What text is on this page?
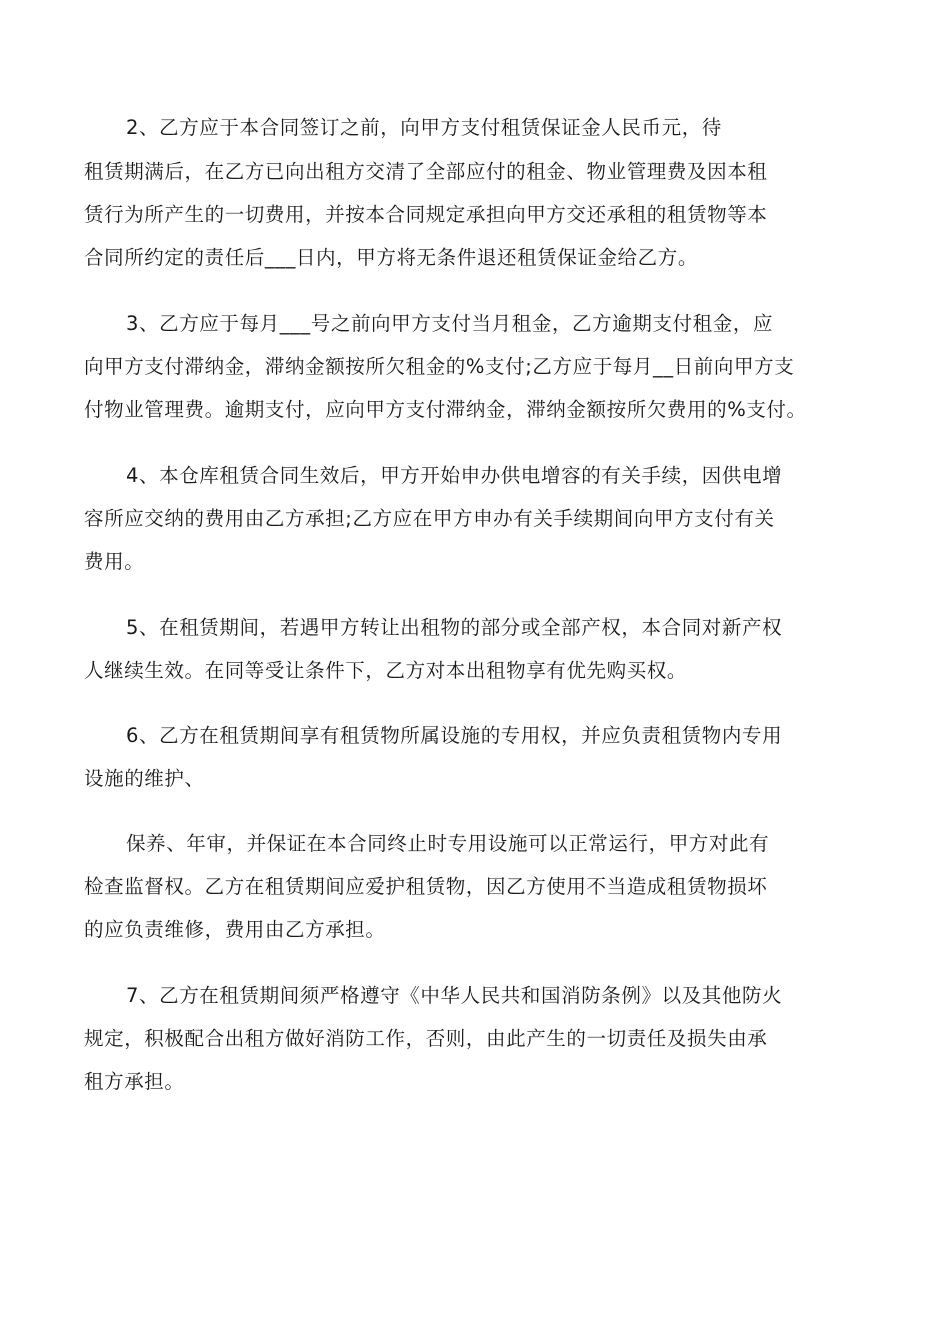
2、乙方应于本合同签订之前，向甲方支付租赁保证金人民币元，待
租赁期满后，在乙方已向出租方交清了全部应付的租金、物业管理费及因本租
赁行为所产生的一切费用，并按本合同规定承担向甲方交还承租的租赁物等本
合同所约定的责任后___日内，甲方将无条件退还租赁保证金给乙方。
3、乙方应于每月___号之前向甲方支付当月租金，乙方逾期支付租金，应
向甲方支付滞纳金，滞纳金额按所欠租金的%支付;乙方应于每月__日前向甲方支
付物业管理费。逾期支付，应向甲方支付滞纳金，滞纳金额按所欠费用的%支付。
4、本仓库租赁合同生效后，甲方开始申办供电增容的有关手续，因供电增
容所应交纳的费用由乙方承担;乙方应在甲方申办有关手续期间向甲方支付有关
费用。
5、在租赁期间，若遇甲方转让出租物的部分或全部产权，本合同对新产权
人继续生效。在同等受让条件下，乙方对本出租物享有优先购买权。
6、乙方在租赁期间享有租赁物所属设施的专用权，并应负责租赁物内专用
设施的维护、
保养、年审，并保证在本合同终止时专用设施可以正常运行，甲方对此有
检查监督权。乙方在租赁期间应爱护租赁物，因乙方使用不当造成租赁物损坏
的应负责维修，费用由乙方承担。
7、乙方在租赁期间须严格遵守《中华人民共和国消防条例》以及其他防火
规定，积极配合出租方做好消防工作，否则，由此产生的一切责任及损失由承
租方承担。
